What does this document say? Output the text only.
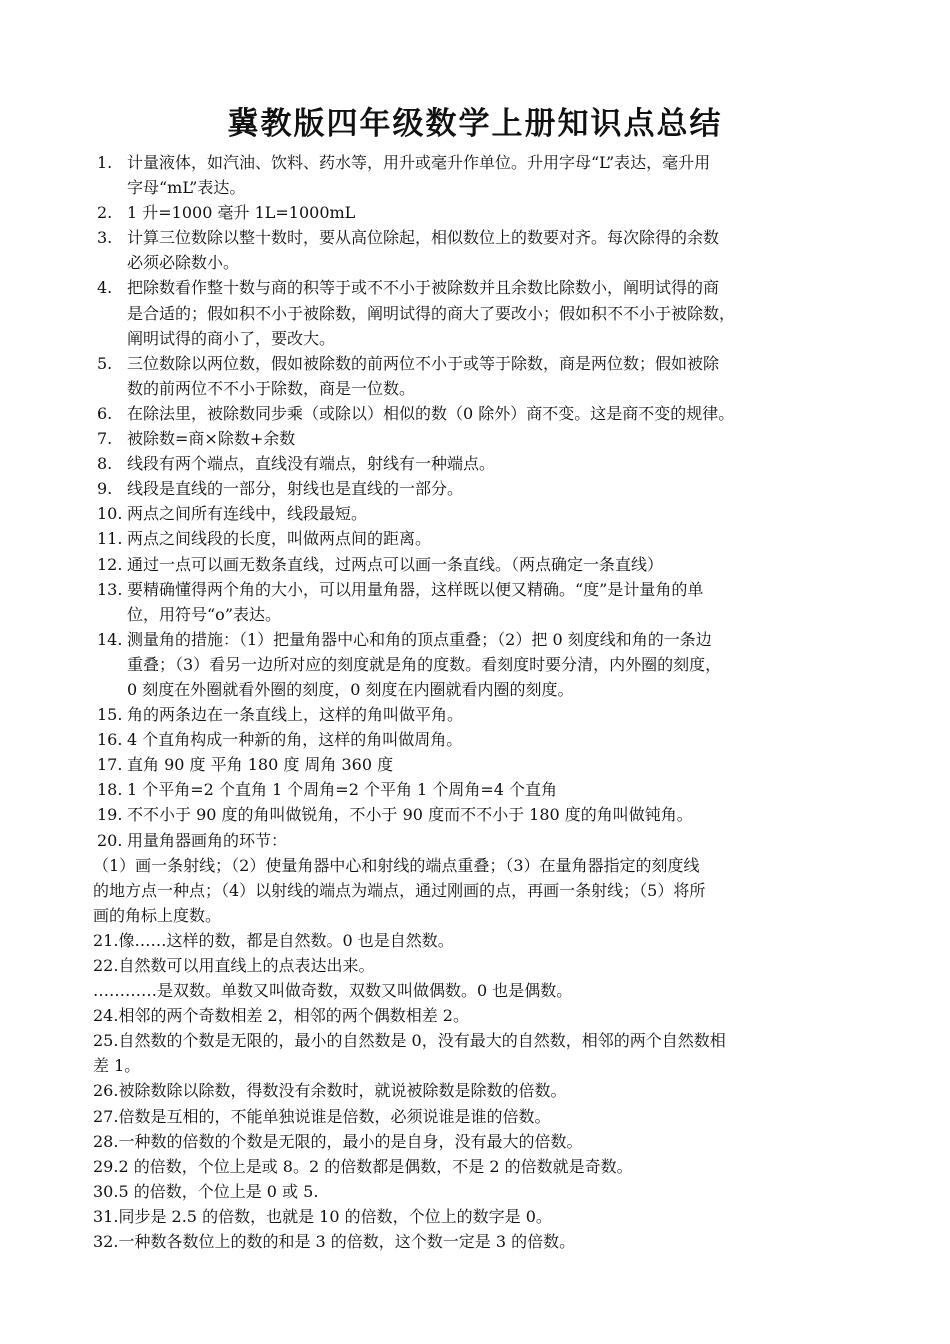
冀教版四年级数学上册知识点总结
1. 计量液体，如汽油、饮料、药水等，用升或毫升作单位。升用字母“L”表达，毫升用
字母“mL”表达。
2. 1 升=1000 毫升 1L=1000mL
3. 计算三位数除以整十数时，要从高位除起，相似数位上的数要对齐。每次除得的余数
必须必除数小。
4. 把除数看作整十数与商的积等于或不不小于被除数并且余数比除数小，阐明试得的商
是合适的；假如积不小于被除数，阐明试得的商大了要改小；假如积不不小于被除数，
阐明试得的商小了，要改大。
5. 三位数除以两位数，假如被除数的前两位不小于或等于除数，商是两位数；假如被除
数的前两位不不小于除数，商是一位数。
6. 在除法里，被除数同步乘（或除以）相似的数（0 除外）商不变。这是商不变的规律。
7. 被除数=商×除数+余数
8. 线段有两个端点，直线没有端点，射线有一种端点。
9. 线段是直线的一部分，射线也是直线的一部分。
10. 两点之间所有连线中，线段最短。
11. 两点之间线段的长度，叫做两点间的距离。
12. 通过一点可以画无数条直线，过两点可以画一条直线。（两点确定一条直线）
13. 要精确懂得两个角的大小，可以用量角器，这样既以便又精确。“度”是计量角的单
位，用符号“o”表达。
14. 测量角的措施：（1）把量角器中心和角的顶点重叠；（2）把 0 刻度线和角的一条边
重叠；（3）看另一边所对应的刻度就是角的度数。看刻度时要分清，内外圈的刻度，
0 刻度在外圈就看外圈的刻度，0 刻度在内圈就看内圈的刻度。
15. 角的两条边在一条直线上，这样的角叫做平角。
16. 4 个直角构成一种新的角，这样的角叫做周角。
17. 直角 90 度 平角 180 度 周角 360 度
18. 1 个平角=2 个直角 1 个周角=2 个平角 1 个周角=4 个直角
19. 不不小于 90 度的角叫做锐角，不小于 90 度而不不小于 180 度的角叫做钝角。
20. 用量角器画角的环节：
（1）画一条射线；（2）使量角器中心和射线的端点重叠；（3）在量角器指定的刻度线
的地方点一种点；（4）以射线的端点为端点，通过刚画的点，再画一条射线；（5）将所
画的角标上度数。
21.像……这样的数，都是自然数。0 也是自然数。
22.自然数可以用直线上的点表达出来。
…………是双数。单数又叫做奇数，双数又叫做偶数。0 也是偶数。
24.相邻的两个奇数相差 2，相邻的两个偶数相差 2。
25.自然数的个数是无限的，最小的自然数是 0，没有最大的自然数，相邻的两个自然数相
差 1。
26.被除数除以除数，得数没有余数时，就说被除数是除数的倍数。
27.倍数是互相的，不能单独说谁是倍数，必须说谁是谁的倍数。
28.一种数的倍数的个数是无限的，最小的是自身，没有最大的倍数。
29.2 的倍数，个位上是或 8。2 的倍数都是偶数，不是 2 的倍数就是奇数。
30.5 的倍数，个位上是 0 或 5.
31.同步是 2.5 的倍数，也就是 10 的倍数，个位上的数字是 0。
32.一种数各数位上的数的和是 3 的倍数，这个数一定是 3 的倍数。
